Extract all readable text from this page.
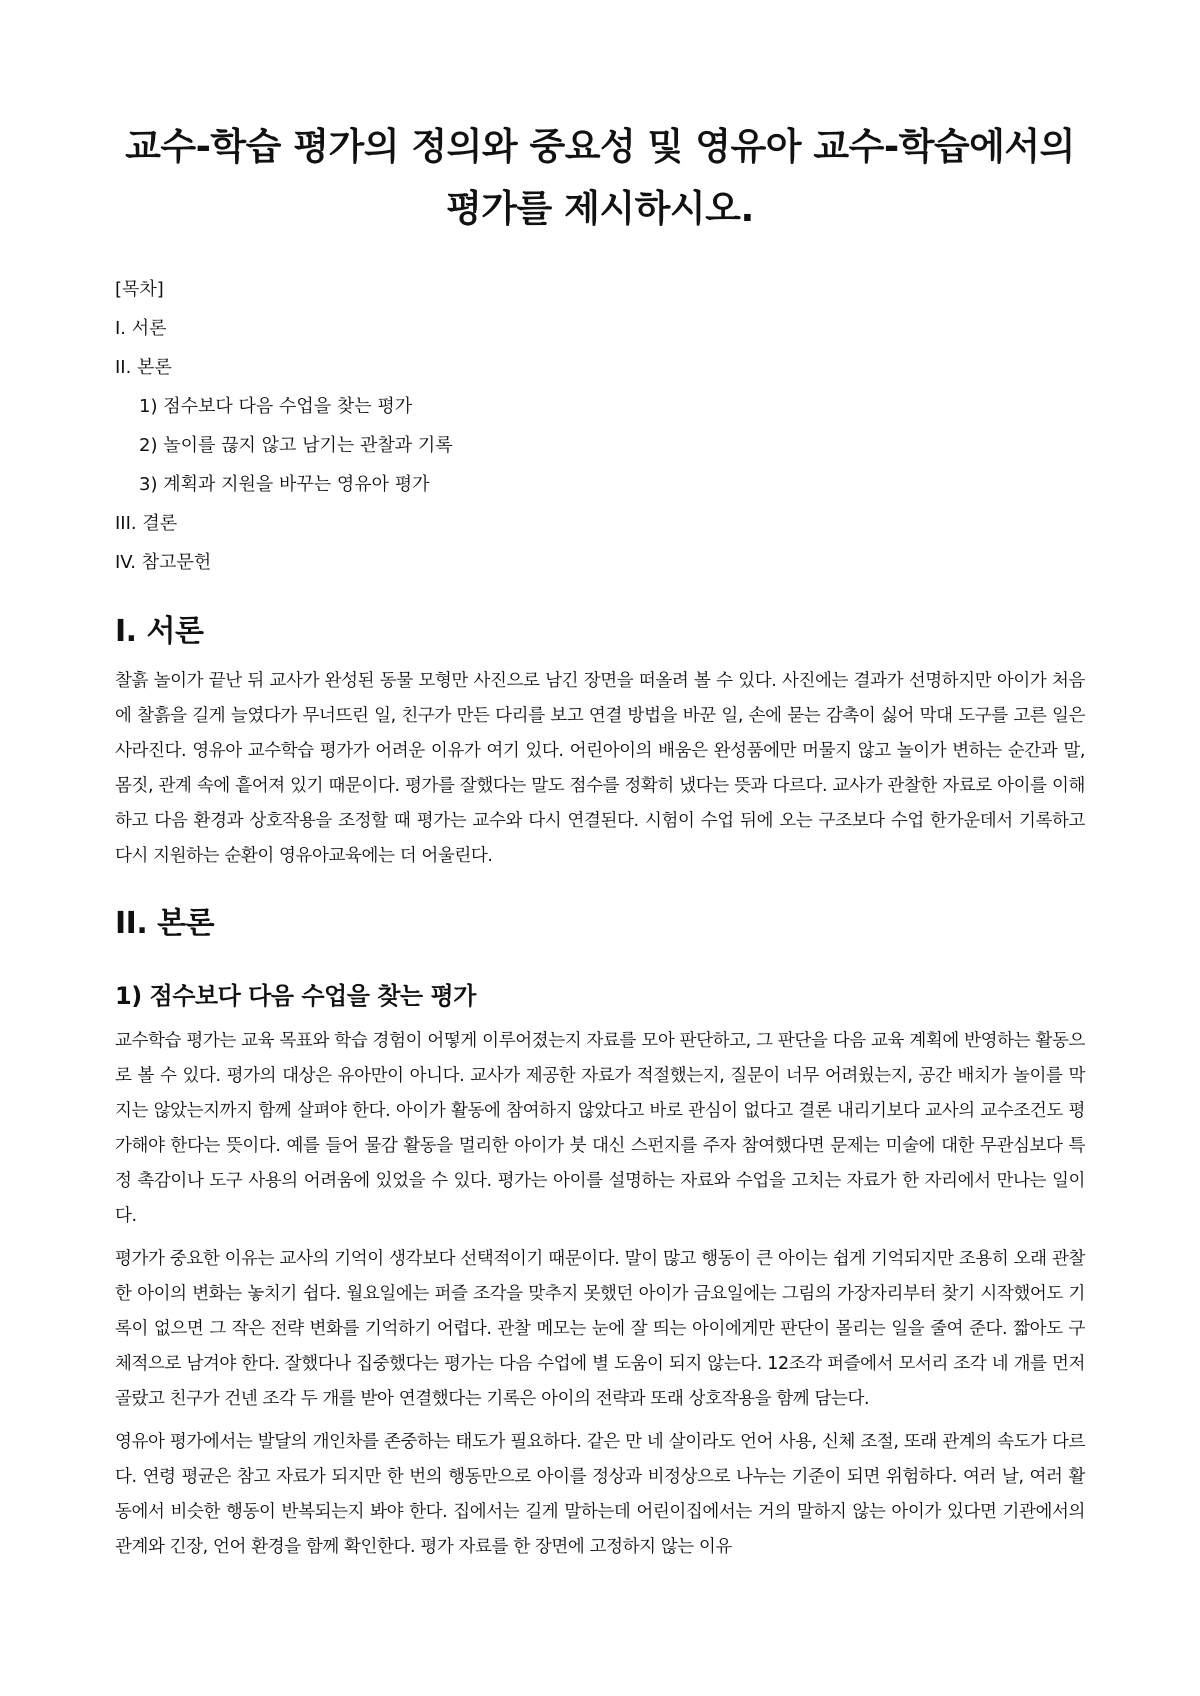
교수-학습 평가의 정의와 중요성 및 영유아 교수-학습에서의 평가를 제시하시오.
[목차]
I. 서론
II. 본론
1) 점수보다 다음 수업을 찾는 평가
2) 놀이를 끊지 않고 남기는 관찰과 기록
3) 계획과 지원을 바꾸는 영유아 평가
III. 결론
IV. 참고문헌
I. 서론

찰흙 놀이가 끝난 뒤 교사가 완성된 동물 모형만 사진으로 남긴 장면을 떠올려 볼 수 있다. 사진에는 결과가 선명하지만 아이가 처음에 찰흙을 길게 늘였다가 무너뜨린 일, 친구가 만든 다리를 보고 연결 방법을 바꾼 일, 손에 묻는 감촉이 싫어 막대 도구를 고른 일은 사라진다. 영유아 교수학습 평가가 어려운 이유가 여기 있다. 어린아이의 배움은 완성품에만 머물지 않고 놀이가 변하는 순간과 말, 몸짓, 관계 속에 흩어져 있기 때문이다. 평가를 잘했다는 말도 점수를 정확히 냈다는 뜻과 다르다. 교사가 관찰한 자료로 아이를 이해하고 다음 환경과 상호작용을 조정할 때 평가는 교수와 다시 연결된다. 시험이 수업 뒤에 오는 구조보다 수업 한가운데서 기록하고 다시 지원하는 순환이 영유아교육에는 더 어울린다.

II. 본론
1) 점수보다 다음 수업을 찾는 평가

교수학습 평가는 교육 목표와 학습 경험이 어떻게 이루어졌는지 자료를 모아 판단하고, 그 판단을 다음 교육 계획에 반영하는 활동으로 볼 수 있다. 평가의 대상은 유아만이 아니다. 교사가 제공한 자료가 적절했는지, 질문이 너무 어려웠는지, 공간 배치가 놀이를 막지는 않았는지까지 함께 살펴야 한다. 아이가 활동에 참여하지 않았다고 바로 관심이 없다고 결론 내리기보다 교사의 교수조건도 평가해야 한다는 뜻이다. 예를 들어 물감 활동을 멀리한 아이가 붓 대신 스펀지를 주자 참여했다면 문제는 미술에 대한 무관심보다 특정 촉감이나 도구 사용의 어려움에 있었을 수 있다. 평가는 아이를 설명하는 자료와 수업을 고치는 자료가 한 자리에서 만나는 일이다.

평가가 중요한 이유는 교사의 기억이 생각보다 선택적이기 때문이다. 말이 많고 행동이 큰 아이는 쉽게 기억되지만 조용히 오래 관찰한 아이의 변화는 놓치기 쉽다. 월요일에는 퍼즐 조각을 맞추지 못했던 아이가 금요일에는 그림의 가장자리부터 찾기 시작했어도 기록이 없으면 그 작은 전략 변화를 기억하기 어렵다. 관찰 메모는 눈에 잘 띄는 아이에게만 판단이 몰리는 일을 줄여 준다. 짧아도 구체적으로 남겨야 한다. 잘했다나 집중했다는 평가는 다음 수업에 별 도움이 되지 않는다. 12조각 퍼즐에서 모서리 조각 네 개를 먼저 골랐고 친구가 건넨 조각 두 개를 받아 연결했다는 기록은 아이의 전략과 또래 상호작용을 함께 담는다.

영유아 평가에서는 발달의 개인차를 존중하는 태도가 필요하다. 같은 만 네 살이라도 언어 사용, 신체 조절, 또래 관계의 속도가 다르다. 연령 평균은 참고 자료가 되지만 한 번의 행동만으로 아이를 정상과 비정상으로 나누는 기준이 되면 위험하다. 여러 날, 여러 활동에서 비슷한 행동이 반복되는지 봐야 한다. 집에서는 길게 말하는데 어린이집에서는 거의 말하지 않는 아이가 있다면 기관에서의 관계와 긴장, 언어 환경을 함께 확인한다. 평가 자료를 한 장면에 고정하지 않는 이유
